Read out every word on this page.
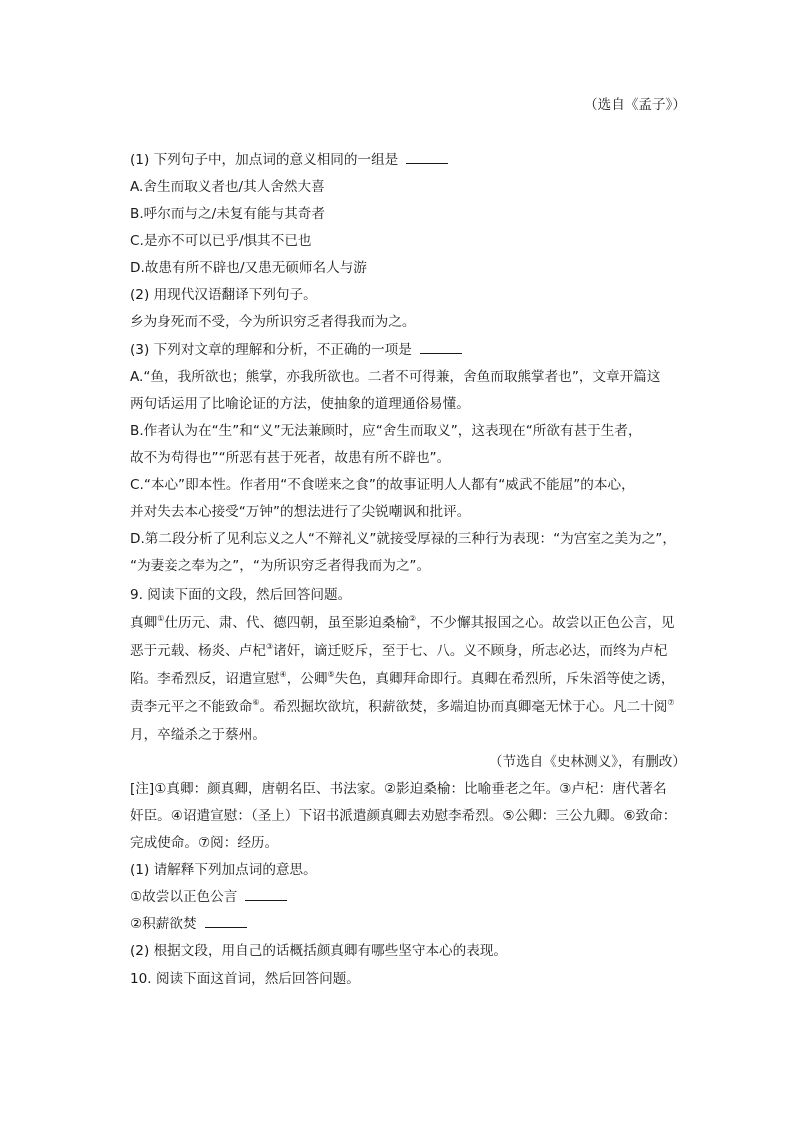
（选自《孟子》）
(1) 下列句子中，加点词的意义相同的一组是
A.舍生而取义者也/其人舍然大喜
B.呼尔而与之/未复有能与其奇者
C.是亦不可以已乎/惧其不已也
D.故患有所不辟也/又患无硕师名人与游
(2) 用现代汉语翻译下列句子。
乡为身死而不受，今为所识穷乏者得我而为之。
(3) 下列对文章的理解和分析，不正确的一项是
A.“鱼，我所欲也；熊掌，亦我所欲也。二者不可得兼，舍鱼而取熊掌者也”，文章开篇这
两句话运用了比喻论证的方法，使抽象的道理通俗易懂。
B.作者认为在“生”和“义”无法兼顾时，应“舍生而取义”，这表现在“所欲有甚于生者，
故不为苟得也”“所恶有甚于死者，故患有所不辟也”。
C.“本心”即本性。作者用“不食嗟来之食”的故事证明人人都有“威武不能屈”的本心，
并对失去本心接受“万钟”的想法进行了尖锐嘲讽和批评。
D.第二段分析了见利忘义之人“不辩礼义”就接受厚禄的三种行为表现：“为宫室之美为之”，
“为妻妾之奉为之”，“为所识穷乏者得我而为之”。
9. 阅读下面的文段，然后回答问题。
真卿①仕历元、肃、代、德四朝，虽至影迫桑榆②，不少懈其报国之心。故尝以正色公言，见
恶于元载、杨炎、卢杞③诸奸，谪迁贬斥，至于七、八。义不顾身，所志必达，而终为卢杞
陷。李希烈反，诏遣宣慰④，公卿⑤失色，真卿拜命即行。真卿在希烈所，斥朱滔等使之诱，
责李元平之不能致命⑥。希烈掘坎欲坑，积薪欲焚，多端迫协而真卿毫无怵于心。凡二十阅⑦
月，卒缢杀之于蔡州。
（节选自《史林测义》，有删改）
[注]①真卿：颜真卿，唐朝名臣、书法家。②影迫桑榆：比喻垂老之年。③卢杞：唐代著名
奸臣。④诏遣宣慰：（圣上）下诏书派遣颜真卿去劝慰李希烈。⑤公卿：三公九卿。⑥致命：
完成使命。⑦阅：经历。
(1) 请解释下列加点词的意思。
①故尝以正色公言
②积薪欲焚
(2) 根据文段，用自己的话概括颜真卿有哪些坚守本心的表现。
10. 阅读下面这首词，然后回答问题。
